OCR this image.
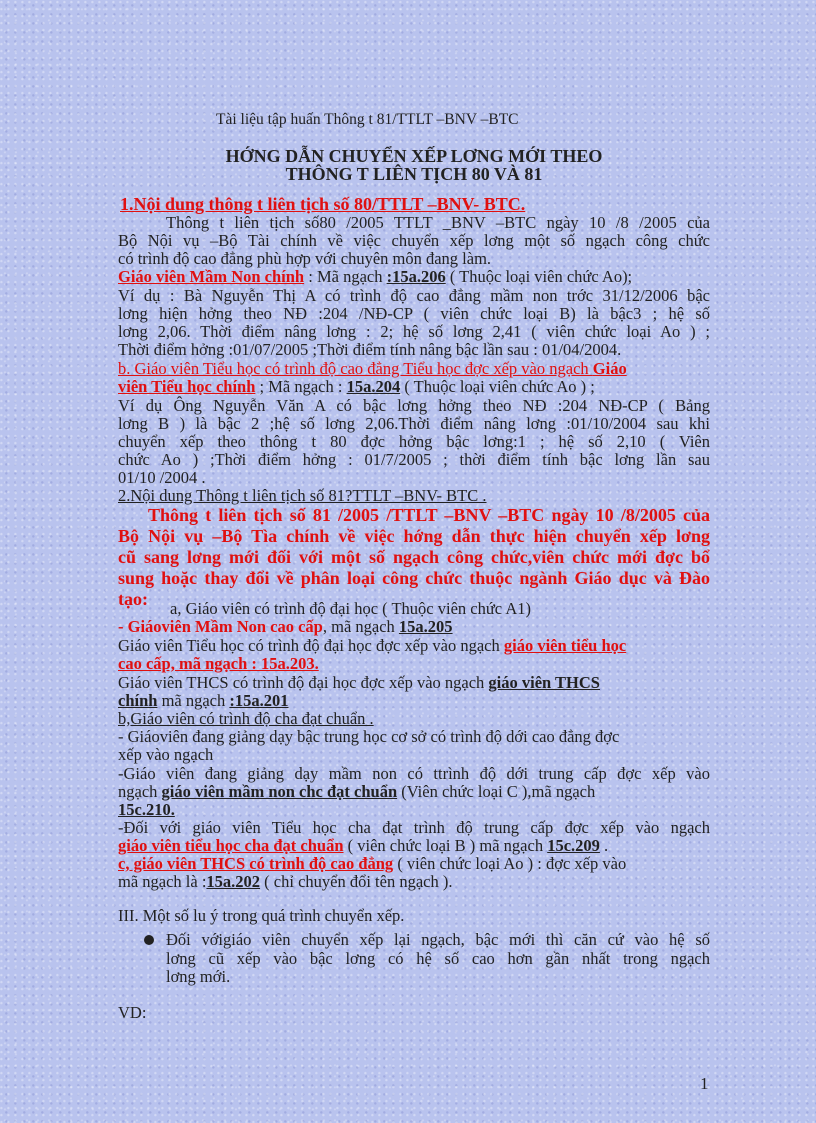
Tài liệu tập huấn Thông t 81/TTLT –BNV –BTC
HỚNG DẪN CHUYỂN XẾP LƠNG MỚI THEO
THÔNG T LIÊN TỊCH 80 VÀ 81
1.Nội dung thông t liên tịch số 80/TTLT –BNV- BTC.
Thông t liên tịch số80 /2005 TTLT _BNV –BTC ngày 10 /8 /2005 của
Bộ Nội vụ –Bộ Tài chính về việc chuyển xếp lơng một số ngạch công chức
có trình độ cao đẳng phù hợp với chuyên môn đang làm.
Giáo viên Mầm Non chính : Mã ngạch :15a.206 ( Thuộc loại viên chức Ao);
Ví dụ : Bà Nguyễn Thị A có trình độ cao đẳng mầm non trớc 31/12/2006 bậc
lơng hiện hởng theo NĐ :204 /NĐ-CP ( viên chức loại B) là bậc3 ; hệ số
lơng 2,06. Thời điểm nâng lơng : 2; hệ số lơng 2,41 ( viên chức loại Ao ) ;
Thời điểm hởng :01/07/2005 ;Thời điểm tính nâng bậc lần sau : 01/04/2004.
b. Giáo viên Tiểu học có trình độ cao đẳng Tiểu học đợc xếp vào ngạch Giáo
viên Tiểu học chính ; Mã ngạch : 15a.204 ( Thuộc loại viên chức Ao ) ;
Ví dụ Ông Nguyễn Văn A có bậc lơng hởng theo NĐ :204 NĐ-CP ( Bảng
lơng B ) là bậc 2 ;hệ số lơng 2,06.Thời điểm nâng lơng :01/10/2004 sau khi
chuyển xếp theo thông t 80 đợc hởng bậc lơng:1 ; hệ số 2,10 ( Viên
chức Ao ) ;Thời điểm hởng : 01/7/2005 ; thời điểm tính bậc lơng lần sau
01/10 /2004 .
2.Nội dung Thông t liên tịch số 81?TTLT –BNV- BTC .
Thông t liên tịch số 81 /2005 /TTLT –BNV –BTC ngày 10 /8/2005 của
Bộ Nội vụ –Bộ Tìa chính về việc hớng dẫn thực hiện chuyển xếp lơng
cũ sang lơng mới đối với một số ngạch công chức,viên chức mới đợc bổ
sung hoặc thay đổi về phân loại công chức thuộc ngành Giáo dục và Đào
tạo: a, Giáo viên có trình độ đại học ( Thuộc viên chức A1)
- Giáoviên Mầm Non cao cấp, mã ngạch 15a.205
Giáo viên Tiểu học có trình độ đại học đợc xếp vào ngạch giáo viên tiểu học
cao cấp, mã ngạch : 15a.203.
Giáo viên THCS có trình độ đại học đợc xếp vào ngạch giáo viên THCS
chính mã ngạch :15a.201
b,Giáo viên có trình độ cha đạt chuẩn .
- Giáoviên đang giảng dạy bậc trung học cơ sở có trình độ dới cao đẳng đợc
xếp vào ngạch
-Giáo viên đang giảng dạy mầm non có ttrình độ dới trung cấp đợc xếp vào
ngạch giáo viên mầm non chc đạt chuẩn (Viên chức loại C ),mã ngạch
15c.210.
-Đối với giáo viên Tiểu học cha đạt trình độ trung cấp đợc xếp vào ngạch
giáo viên tiểu học cha đạt chuẩn ( viên chức loại B ) mã ngạch 15c.209 .
c, giáo viên THCS có trình độ cao đẳng ( viên chức loại Ao ) : đợc xếp vào
mã ngạch là :15a.202 ( chỉ chuyển đổi tên ngạch ).
III. Một số lu ý trong quá trình chuyển xếp.
Đối vớigiáo viên chuyển xếp lại ngạch, bậc mới thì căn cứ vào hệ số
lơng cũ xếp vào bậc lơng có hệ số cao hơn gần nhất trong ngạch
lơng mới.
VD:
1
